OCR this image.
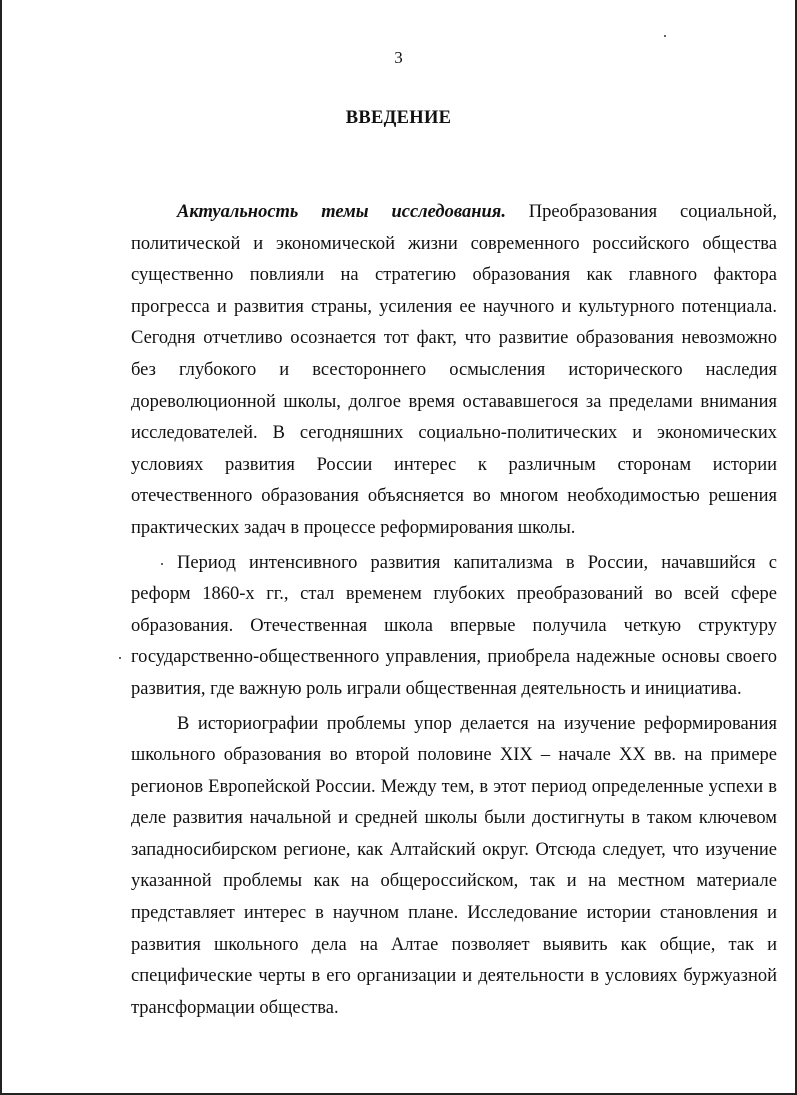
3
ВВЕДЕНИЕ

Актуальность темы исследования. Преобразования социальной, политической и экономической жизни современного российского общества существенно повлияли на стратегию образования как главного фактора прогресса и развития страны, усиления ее научного и культурного потенциала. Сегодня отчетливо осознается тот факт, что развитие образования невозможно без глубокого и всестороннего осмысления исторического наследия дореволюционной школы, долгое время остававшегося за пределами внимания исследователей. В сегодняшних социально-политических и экономических условиях развития России интерес к различным сторонам истории отечественного образования объясняется во многом необходимостью решения практических задач в процессе реформирования школы.

Период интенсивного развития капитализма в России, начавшийся с реформ 1860-х гг., стал временем глубоких преобразований во всей сфере образования. Отечественная школа впервые получила четкую структуру государственно-общественного управления, приобрела надежные основы своего развития, где важную роль играли общественная деятельность и инициатива.

В историографии проблемы упор делается на изучение реформирования школьного образования во второй половине XIX – начале XX вв. на примере регионов Европейской России. Между тем, в этот период определенные успехи в деле развития начальной и средней школы были достигнуты в таком ключевом западносибирском регионе, как Алтайский округ. Отсюда следует, что изучение указанной проблемы как на общероссийском, так и на местном материале представляет интерес в научном плане. Исследование истории становления и развития школьного дела на Алтае позволяет выявить как общие, так и специфические черты в его организации и деятельности в условиях буржуазной трансформации общества.
